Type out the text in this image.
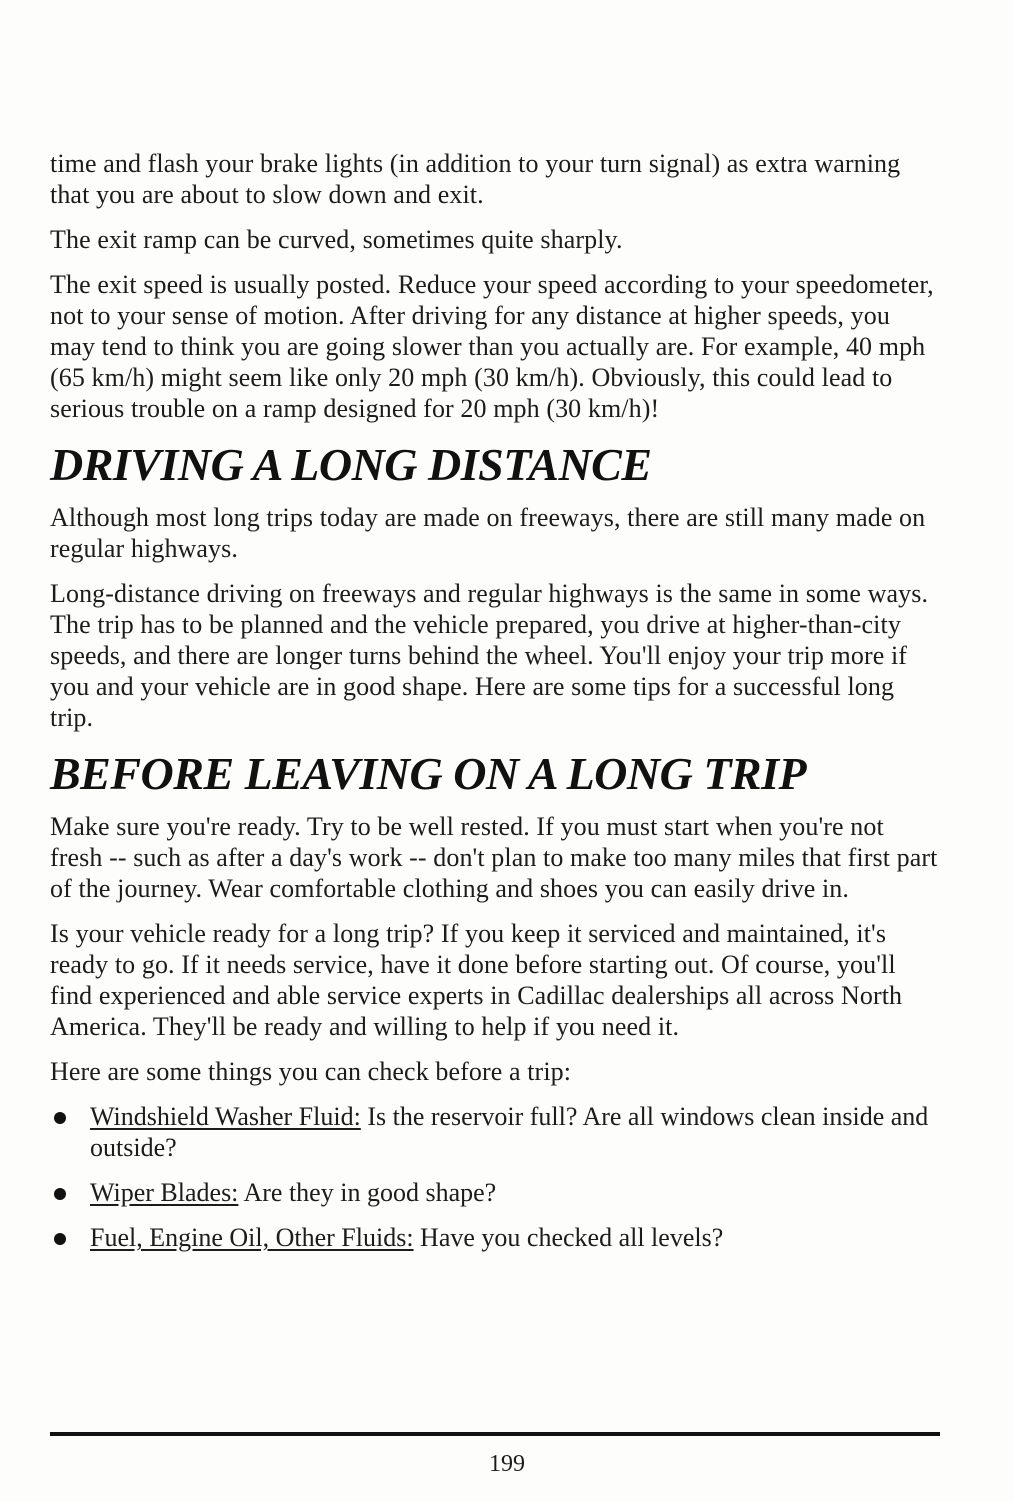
time and flash your brake lights (in addition to your turn signal) as extra warning that you are about to slow down and exit.

The exit ramp can be curved, sometimes quite sharply.

The exit speed is usually posted. Reduce your speed according to your speedometer, not to your sense of motion. After driving for any distance at higher speeds, you may tend to think you are going slower than you actually are. For example, 40 mph (65 km/h) might seem like only 20 mph (30 km/h). Obviously, this could lead to serious trouble on a ramp designed for 20 mph (30 km/h)!

DRIVING A LONG DISTANCE

Although most long trips today are made on freeways, there are still many made on regular highways.

Long-distance driving on freeways and regular highways is the same in some ways. The trip has to be planned and the vehicle prepared, you drive at higher-than-city speeds, and there are longer turns behind the wheel. You'll enjoy your trip more if you and your vehicle are in good shape. Here are some tips for a successful long trip.

BEFORE LEAVING ON A LONG TRIP

Make sure you're ready. Try to be well rested. If you must start when you're not fresh -- such as after a day's work -- don't plan to make too many miles that first part of the journey. Wear comfortable clothing and shoes you can easily drive in.

Is your vehicle ready for a long trip? If you keep it serviced and maintained, it's ready to go. If it needs service, have it done before starting out. Of course, you'll find experienced and able service experts in Cadillac dealerships all across North America. They'll be ready and willing to help if you need it.

Here are some things you can check before a trip:

Windshield Washer Fluid: Is the reservoir full? Are all windows clean inside and outside?
Wiper Blades: Are they in good shape?
Fuel, Engine Oil, Other Fluids: Have you checked all levels?
199
